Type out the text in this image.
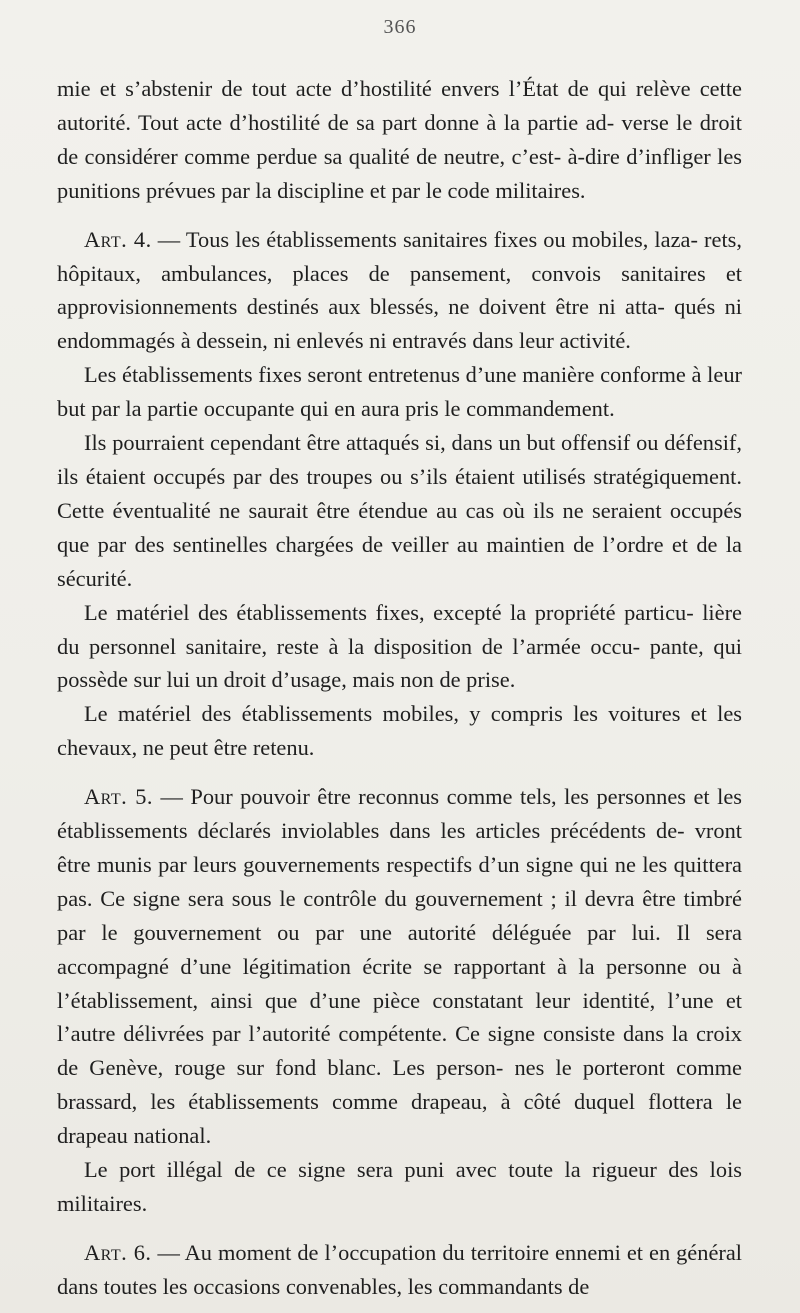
366

mie et s’abstenir de tout acte d’hostilité envers l’État de qui relève cette autorité. Tout acte d’hostilité de sa part donne à la partie ad- verse le droit de considérer comme perdue sa qualité de neutre, c’est- à-dire d’infliger les punitions prévues par la discipline et par le code militaires.

Art. 4. — Tous les établissements sanitaires fixes ou mobiles, laza- rets, hôpitaux, ambulances, places de pansement, convois sanitaires et approvisionnements destinés aux blessés, ne doivent être ni atta- qués ni endommagés à dessein, ni enlevés ni entravés dans leur activité.

Les établissements fixes seront entretenus d’une manière conforme à leur but par la partie occupante qui en aura pris le commandement.

Ils pourraient cependant être attaqués si, dans un but offensif ou défensif, ils étaient occupés par des troupes ou s’ils étaient utilisés stratégiquement. Cette éventualité ne saurait être étendue au cas où ils ne seraient occupés que par des sentinelles chargées de veiller au maintien de l’ordre et de la sécurité.

Le matériel des établissements fixes, excepté la propriété particu- lière du personnel sanitaire, reste à la disposition de l’armée occu- pante, qui possède sur lui un droit d’usage, mais non de prise.

Le matériel des établissements mobiles, y compris les voitures et les chevaux, ne peut être retenu.

Art. 5. — Pour pouvoir être reconnus comme tels, les personnes et les établissements déclarés inviolables dans les articles précédents de- vront être munis par leurs gouvernements respectifs d’un signe qui ne les quittera pas. Ce signe sera sous le contrôle du gouvernement ; il devra être timbré par le gouvernement ou par une autorité déléguée par lui. Il sera accompagné d’une légitimation écrite se rapportant à la personne ou à l’établissement, ainsi que d’une pièce constatant leur identité, l’une et l’autre délivrées par l’autorité compétente. Ce signe consiste dans la croix de Genève, rouge sur fond blanc. Les person- nes le porteront comme brassard, les établissements comme drapeau, à côté duquel flottera le drapeau national.

Le port illégal de ce signe sera puni avec toute la rigueur des lois militaires.

Art. 6. — Au moment de l’occupation du territoire ennemi et en général dans toutes les occasions convenables, les commandants de
